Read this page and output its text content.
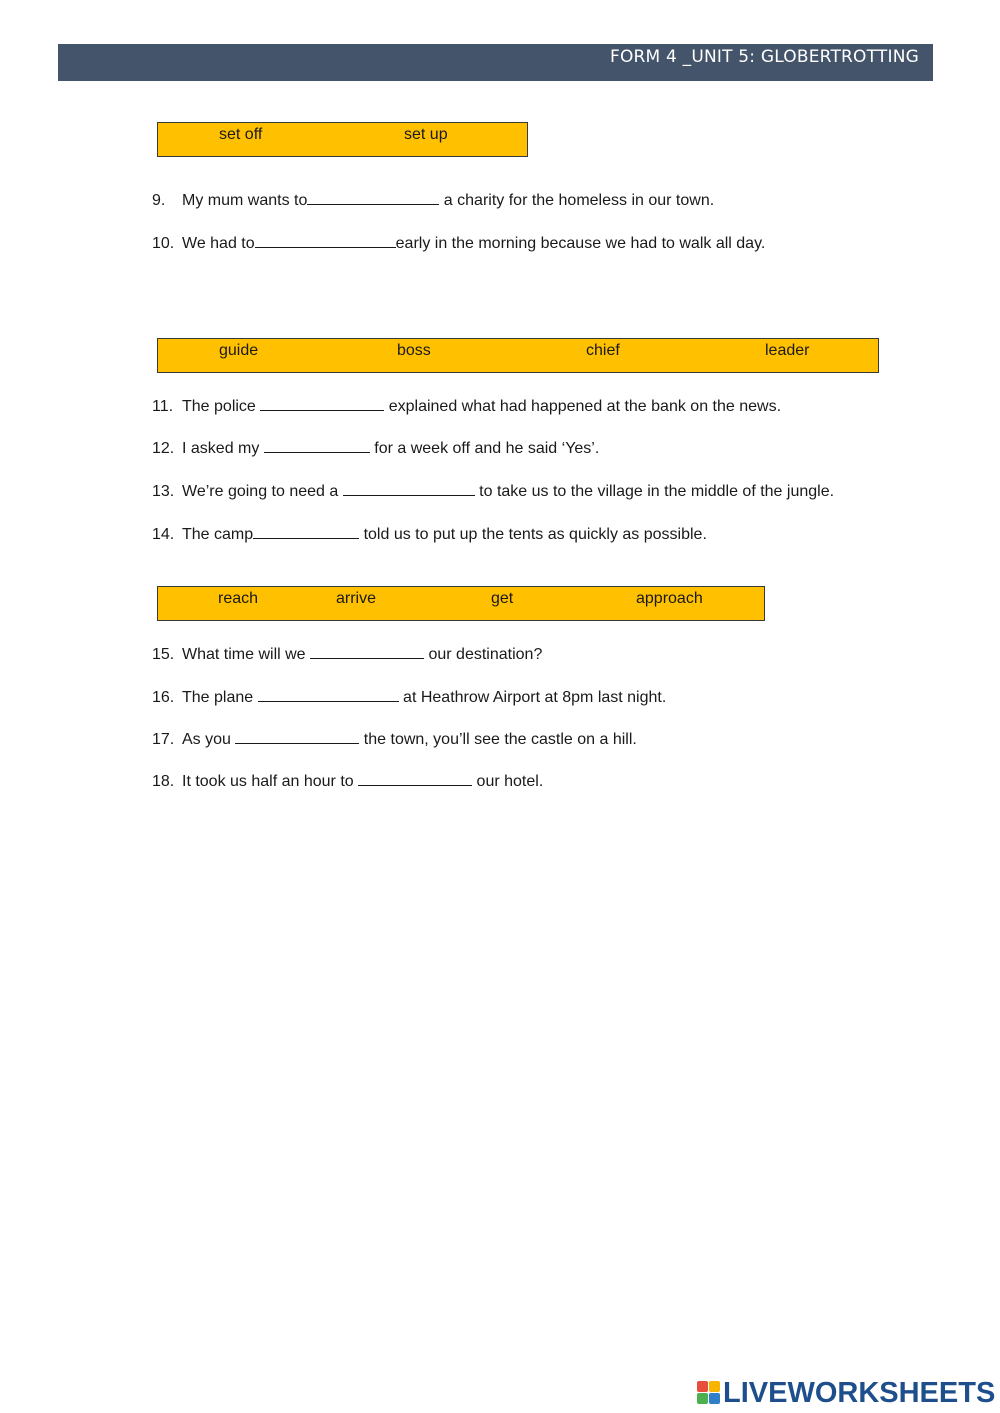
FORM 4 _UNIT 5: GLOBERTROTTING
set off	set up
9. My mum wants to	a charity for the homeless in our town.
10. We had to	early in the morning because we had to walk all day.
guide	boss	chief	leader
11. The police	explained what had happened at the bank on the news.
12. I asked my	for a week off and he said ‘Yes’.
13. We’re going to need a	to take us to the village in the middle of the jungle.
14. The camp	told us to put up the tents as quickly as possible.
reach	arrive	get	approach
15. What time will we	our destination?
16. The plane	at Heathrow Airport at 8pm last night.
17. As you	the town, you’ll see the castle on a hill.
18. It took us half an hour to	our hotel.
LIVEWORKSHEETS
